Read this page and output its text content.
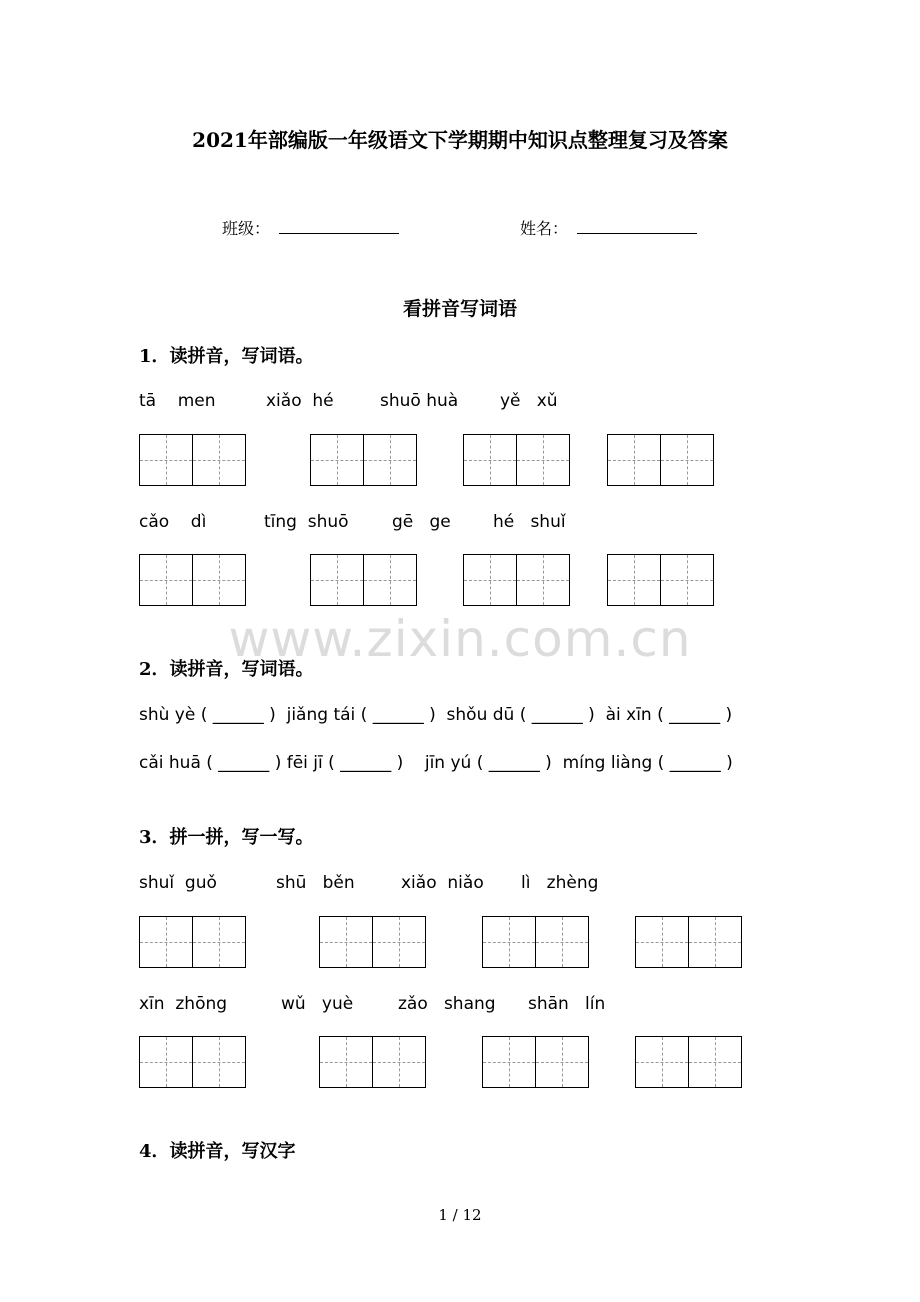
2021年部编版一年级语文下学期期中知识点整理复习及答案
班级：	姓名：
看拼音写词语
1．读拼音，写词语。
tā    men	xiǎo  hé	shuō huà yě   xǔ
cǎo    dì	tīng  shuō	gē   ge hé   shuǐ
www.zixin.com.cn
2．读拼音，写词语。
shù yè ( ______ )  jiǎng tái ( ______ )  shǒu dū ( ______ )  ài xīn ( ______ )
cǎi huā ( ______ ) fēi jī ( ______ )    jīn yú ( ______ )  míng liàng ( ______ )
3．拼一拼，写一写。
shuǐ  guǒ	shū   běn	xiǎo  niǎo lì   zhèng
xīn  zhōng	wǔ   yuè	zǎo   shang shān   lín
4．读拼音，写汉字
1 / 12
